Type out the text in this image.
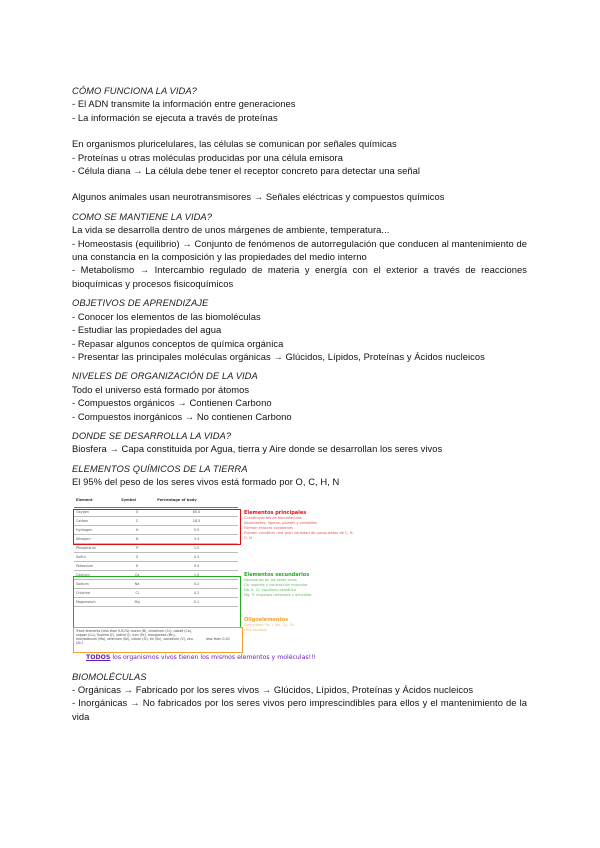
CÓMO FUNCIONA LA VIDA?
- El ADN transmite la información entre generaciones
- La información se ejecuta a través de proteínas
En organismos pluricelulares, las células se comunican por señales químicas
- Proteínas u otras moléculas producidas por una célula emisora
- Célula diana → La célula debe tener el receptor concreto para detectar una señal
Algunos animales usan neurotransmisores → Señales eléctricas y compuestos químicos
COMO SE MANTIENE LA VIDA?
La vida se desarrolla dentro de unos márgenes de ambiente, temperatura...
- Homeostasis (equilibrio) → Conjunto de fenómenos de autorregulación que conducen al mantenimiento de una constancia en la composición y las propiedades del medio interno
- Metabolismo → Intercambio regulado de materia y energía con el exterior a través de reacciones bioquímicas y procesos fisicoquímicos
OBJETIVOS DE APRENDIZAJE
- Conocer los elementos de las biomoléculas
- Estudiar las propiedades del agua
- Repasar algunos conceptos de química orgánica
- Presentar las principales moléculas orgánicas → Glúcidos, Lípidos, Proteínas y Ácidos nucleicos
NIVELES DE ORGANIZACIÓN DE LA VIDA
Todo el universo está formado por átomos
- Compuestos orgánicos → Contienen Carbono
- Compuestos inorgánicos → No contienen Carbono
DONDE SE DESARROLLA LA VIDA?
Biosfera → Capa constituida por Agua, tierra y Aire donde se desarrollan los seres vivos
ELEMENTOS QUÍMICOS DE LA TIERRA
El 95% del peso de los seres vivos está formado por O, C, H, N
Element	Symbol	Percentage of body
Oxygen	O	65.0
Carbon	C	18.5
Hydrogen	H	9.5
Nitrogen	N	3.3
Phosphorus	P	1.0
Sulfur	S	0.3
Potassium	K	0.4
Calcium	Ca	1.5
Sodium	Na	0.2
Chlorine	Cl	0.2
Magnesium	Mg	0.1
Trace elements (less than 0.01%): boron (B), chromium (Cr), cobalt (Co), copper (Cu), fluorine (F), iodine (I), iron (Fe), manganese (Mn), molybdenum (Mo), selenium (Se), silicon (Si), tin (Sn), vanadium (V), zinc (Zn)
less than 0.01
Elementos principales
Constituyentes de biomoléculas
Abundantes, ligeros, polares y versátiles
Forman enlaces covalentes
Pueden constituir una gran variedad de compuestos de C, H, O, N
Elementos secundarios
Necesarios en los seres vivos
Ca: soporte y contracción muscular
Na, K, Cl: equilibrio osmótico
Mg, P: impulsos nerviosos y actividad
Oligoelementos
Esenciales: Fe, I, Mn, Co, Zn
Muy escasos
TODOS los organismos vivos tienen los mismos elementos y moléculas!!!
BIOMOLÉCULAS
- Orgánicas → Fabricado por los seres vivos → Glúcidos, Lípidos, Proteínas y Ácidos nucleicos
- Inorgánicas → No fabricados por los seres vivos pero imprescindibles para ellos y el mantenimiento de la vida
